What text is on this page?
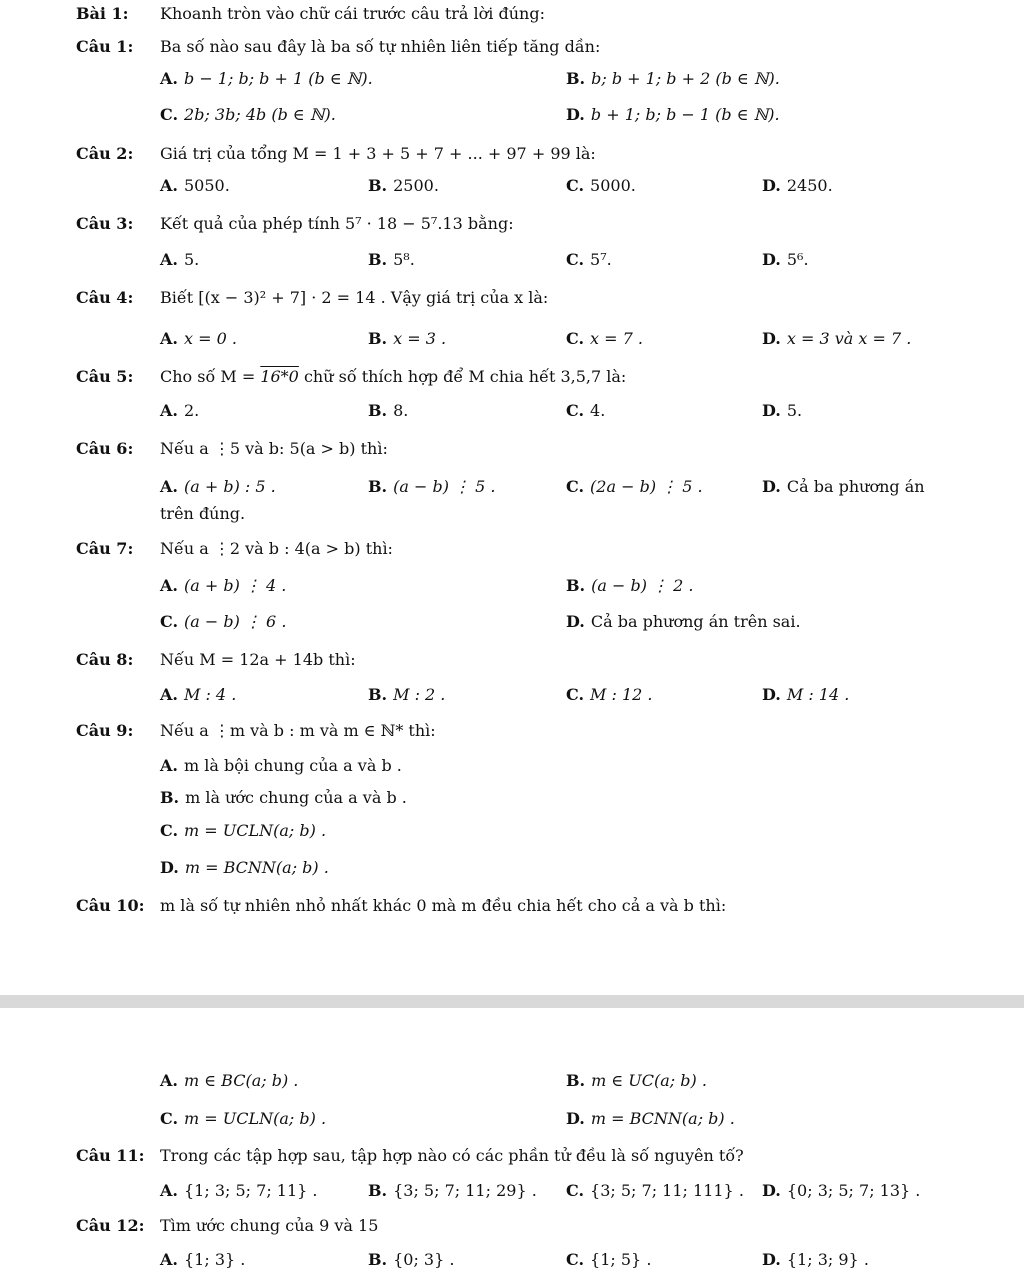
Bài 1: Khoanh tròn vào chữ cái trước câu trả lời đúng:
Câu 1: Ba số nào sau đây là ba số tự nhiên liên tiếp tăng dần:
A. b − 1; b; b + 1 (b ∈ ℕ).	B. b; b + 1; b + 2 (b ∈ ℕ).
C. 2b; 3b; 4b (b ∈ ℕ).	D. b + 1; b; b − 1 (b ∈ ℕ).
Câu 2: Giá trị của tổng M = 1 + 3 + 5 + 7 + ... + 97 + 99 là:
A. 5050.	B. 2500.	C. 5000.	D. 2450.
Câu 3: Kết quả của phép tính 5⁷ · 18 − 5⁷.13 bằng:
A. 5.	B. 5⁸.	C. 5⁷.	D. 5⁶.
Câu 4: Biết [(x − 3)² + 7] · 2 = 14 . Vậy giá trị của x là:
A. x = 0 .	B. x = 3 .	C. x = 7 .	D. x = 3 và x = 7 .
Câu 5: Cho số M = 16*0 chữ số thích hợp để M chia hết 3,5,7 là:
A. 2.	B. 8.	C. 4.	D. 5.
Câu 6: Nếu a ⋮5 và b: 5(a > b) thì:
A. (a + b) : 5 .	B. (a − b) ⋮ 5 .	C. (2a − b) ⋮ 5 .	D. Cả ba phương án
trên đúng.
Câu 7: Nếu a ⋮2 và b : 4(a > b) thì:
A. (a + b) ⋮ 4 .	B. (a − b) ⋮ 2 .
C. (a − b) ⋮ 6 .	D. Cả ba phương án trên sai.
Câu 8: Nếu M = 12a + 14b thì:
A. M : 4 .	B. M : 2 .	C. M : 12 .	D. M : 14 .
Câu 9: Nếu a ⋮m và b : m và m ∈ ℕ* thì:
A. m là bội chung của a và b .
B. m là ước chung của a và b .
C. m = UCLN(a; b) .
D. m = BCNN(a; b) .
Câu 10: m là số tự nhiên nhỏ nhất khác 0 mà m đều chia hết cho cả a và b thì:
A. m ∈ BC(a; b) .	B. m ∈ UC(a; b) .
C. m = UCLN(a; b) .	D. m = BCNN(a; b) .
Câu 11: Trong các tập hợp sau, tập hợp nào có các phần tử đều là số nguyên tố?
A. {1; 3; 5; 7; 11} .	B. {3; 5; 7; 11; 29} . C. {3; 5; 7; 11; 111} . D. {0; 3; 5; 7; 13} .
Câu 12: Tìm ước chung của 9 và 15
A. {1; 3} .	B. {0; 3} .	C. {1; 5} .	D. {1; 3; 9} .
